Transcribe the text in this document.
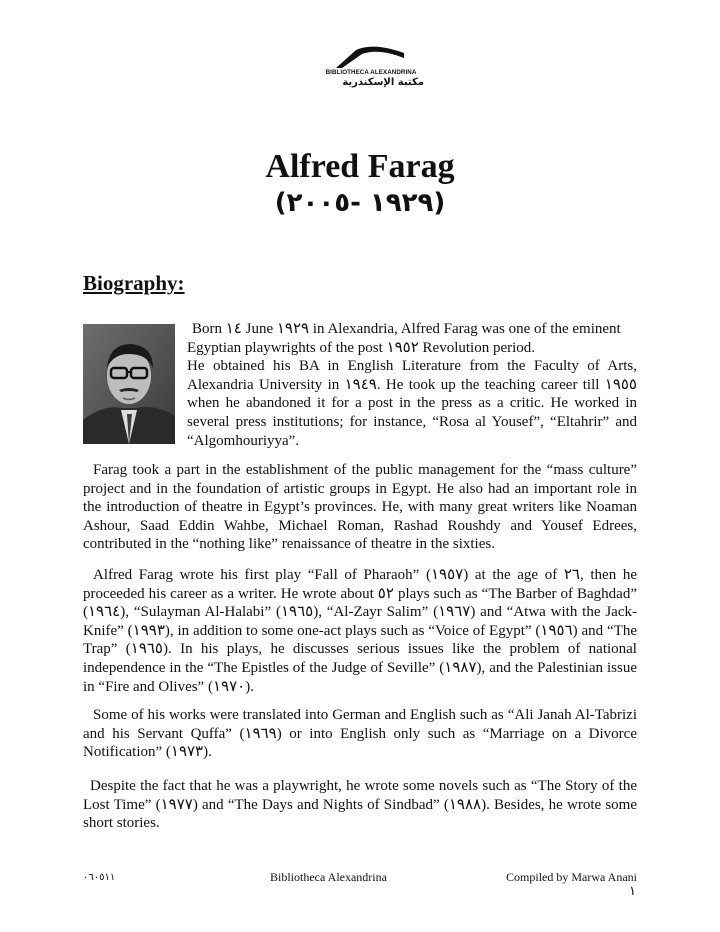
BIBLIOTHECA ALEXANDRINA
مكتبة الإسكندرية
Alfred Farag
(١٩٢٩ -٢٠٠٥)
Biography:

Born ١٤ June ١٩٢٩ in Alexandria, Alfred Farag was one of the eminent
Egyptian playwrights of the post ١٩٥٢ Revolution period.
He obtained his BA in English Literature from the Faculty of Arts,
Alexandria University in ١٩٤٩. He took up the teaching career till ١٩٥٥
when he abandoned it for a post in the press as a critic. He worked in
several press institutions; for instance, “Rosa al Yousef”, “Eltahrir” and
“Algomhouriyya”.

Farag took a part in the establishment of the public management for the “mass culture” project and in the foundation of artistic groups in Egypt. He also had an important role in the introduction of theatre in Egypt’s provinces. He, with many great writers like Noaman Ashour, Saad Eddin Wahbe, Michael Roman, Rashad Roushdy and Yousef Edrees, contributed in the “nothing like” renaissance of theatre in the sixties.

Alfred Farag wrote his first play “Fall of Pharaoh” (١٩٥٧) at the age of ٢٦, then he proceeded his career as a writer. He wrote about ٥٢ plays such as “The Barber of Baghdad” (١٩٦٤), “Sulayman Al-Halabi” (١٩٦٥), “Al-Zayr Salim” (١٩٦٧) and “Atwa with the Jack-Knife” (١٩٩٣), in addition to some one-act plays such as “Voice of Egypt” (١٩٥٦) and “The Trap” (١٩٦٥). In his plays, he discusses serious issues like the problem of national independence in the “The Epistles of the Judge of Seville” (١٩٨٧), and the Palestinian issue in “Fire and Olives” (١٩٧٠).

Some of his works were translated into German and English such as “Ali Janah Al-Tabrizi and his Servant Quffa” (١٩٦٩) or into English only such as “Marriage on a Divorce Notification” (١٩٧٣).

Despite the fact that he was a playwright, he wrote some novels such as “The Story of the Lost Time” (١٩٧٧) and “The Days and Nights of Sindbad” (١٩٨٨). Besides, he wrote some short stories.

٠٦٠٥١١	Bibliotheca Alexandrina	Compiled by Marwa Anani
١
